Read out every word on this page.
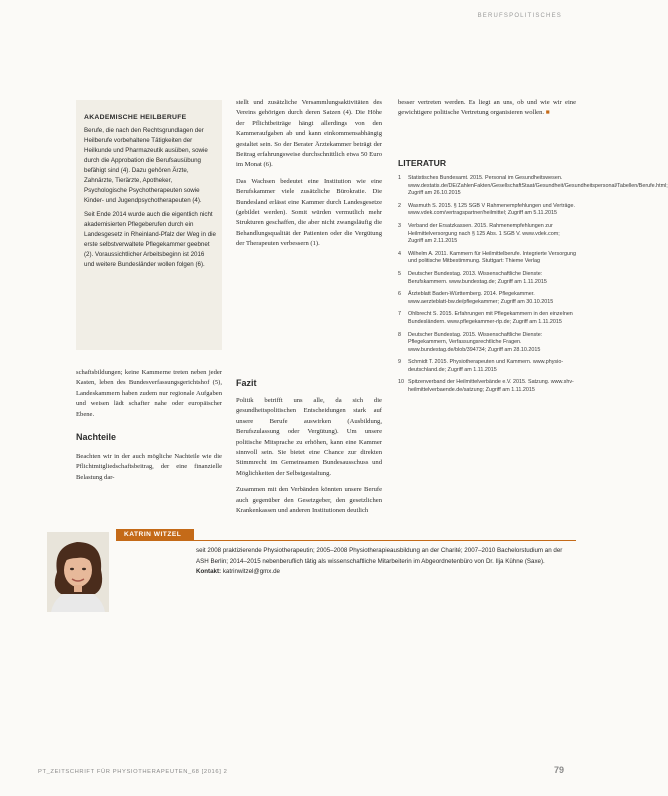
BERUFSPOLITISCHES
AKADEMISCHE HEILBERUFE

Berufe, die nach den Rechtsgrundlagen der Heilberufe vorbehaltene Tätigkeiten der Heilkunde und Pharmazeutik ausüben, sowie durch die Approbation die Berufsausübung befähigt sind (4). Dazu gehören Ärzte, Zahnärzte, Tierärzte, Apotheker, Psychologische Psychotherapeuten sowie Kinder- und Jugendpsychotherapeuten (4).

Seit Ende 2014 wurde auch die eigentlich nicht akademisierten Pflegeberufen durch ein Landesgesetz in Rheinland-Pfalz der Weg in die erste selbstverwaltete Pflegekammer geebnet (2). Voraussichtlicher Arbeitsbeginn ist 2016 und weitere Bundesländer wollen folgen (6).

schaftsbildungen; keine Kammerne treten neben jeder Kasten, leben des Bundesverfassungsgerichtshof (5), Landeskammern haben zudem nur regionale Aufgaben und weisen lädt schafter nahe oder europäischer Ebene.

Nachteile

Beachten wir in der auch mögliche Nachteile wie die Pflichtmitgliedschaftsbeitrag, der eine finanzielle Belastung dar-

stellt und zusätzliche Versammlungsaktivitäten des Vereins gehörigen durch deren Satzen (4). Die Höhe der Pflichtbeiträge hängt allerdings von den Kammeraufgaben ab und kann einkommensabhängig gestaltet sein. So der Berater Ärztekammer beträgt der Beitrag erfahrungsweise durchschnittlich etwa 50 Euro im Monat (6).

Das Wachsen bedeutet eine Institution wie eine Berufskammer viele zusätzliche Bürokratie. Die Bundesland erlässt eine Kammer durch Landesgesetze (gebildet werden). Somit würden vermutlich mehr Strukturen geschaffen, die aber nicht zwangsläufig die Behandlungsqualität der Patienten oder die Vergütung der Therapeuten verbessern (1).

Fazit

Politik betrifft uns alle, da sich die gesundheitspolitischen Entscheidungen stark auf unsere Berufe auswirken (Ausbildung, Berufszulassung oder Vergütung). Um unsere politische Mitsprache zu erhöhen, kann eine Kammer sinnvoll sein. Sie bietet eine Chance zur direkten Stimmrecht im Gemeinsamen Bundesausschuss und Möglichkeiten der Selbstgestaltung.

Zusammen mit den Verbänden könnten unsere Berufe auch gegenüber den Gesetzgeber, den gesetzlichen Krankenkassen und anderen Institutionen deutlich

besser vertreten werden. Es liegt an uns, ob und wie wir eine gewichtigere politische Vertretung organisieren wollen. ■

LITERATUR
1	Statistisches Bundesamt. 2015. Personal im Gesundheitswesen. www.destatis.de/DE/ZahlenFakten/GesellschaftStaat/Gesundheit/Gesundheitspersonal/Tabellen/Berufe.html; Zugriff am 26.10.2015
2	Wasmuth S. 2015. § 125 SGB V Rahmenempfehlungen und Verträge. www.vdek.com/vertragspartner/heilmittel; Zugriff am 5.11.2015
3	Verband der Ersatzkassen. 2015. Rahmenempfehlungen zur Heilmittelversorgung nach § 125 Abs. 1 SGB V. www.vdek.com; Zugriff am 2.11.2015
4	Wilhelm A. 2011. Kammern für Heilmittelberufe. Integrierte Versorgung und politische Mitbestimmung. Stuttgart: Thieme Verlag
5	Deutscher Bundestag. 2013. Wissenschaftliche Dienste: Berufskammern. www.bundestag.de; Zugriff am 1.11.2015
6	Ärzteblatt Baden-Württemberg. 2014. Pflegekammer. www.aerzteblatt-bw.de/pflegekammer; Zugriff am 30.10.2015
7	Ohlbrecht S. 2015. Erfahrungen mit Pflegekammern in den einzelnen Bundesländern. www.pflegekammer-rlp.de; Zugriff am 1.11.2015
8	Deutscher Bundestag. 2015. Wissenschaftliche Dienste: Pflegekammern, Verfassungsrechtliche Fragen. www.bundestag.de/blob/394734; Zugriff am 28.10.2015
9	Schmidt T. 2015. Physiotherapeuten und Kammern. www.physio-deutschland.de; Zugriff am 1.11.2015
10 Spitzenverband der Heilmittelverbände e.V. 2015. Satzung. www.shv-heilmittelverbaende.de/satzung; Zugriff am 1.11.2015
KATRIN WITZEL
seit 2008 praktizierende Physiotherapeutin; 2005–2008 Physiotherapieausbildung an der Charité; 2007–2010 Bachelorstudium an der ASH Berlin; 2014–2015 nebenberuflich tätig als wissenschaftliche Mitarbeiterin im Abgeordnetenbüro von Dr. Ilja Kühne (Saxe).
Kontakt: katrinwitzel@gmx.de
PT_ZEITSCHRIFT FÜR PHYSIOTHERAPEUTEN_68 [2016] 2	79
